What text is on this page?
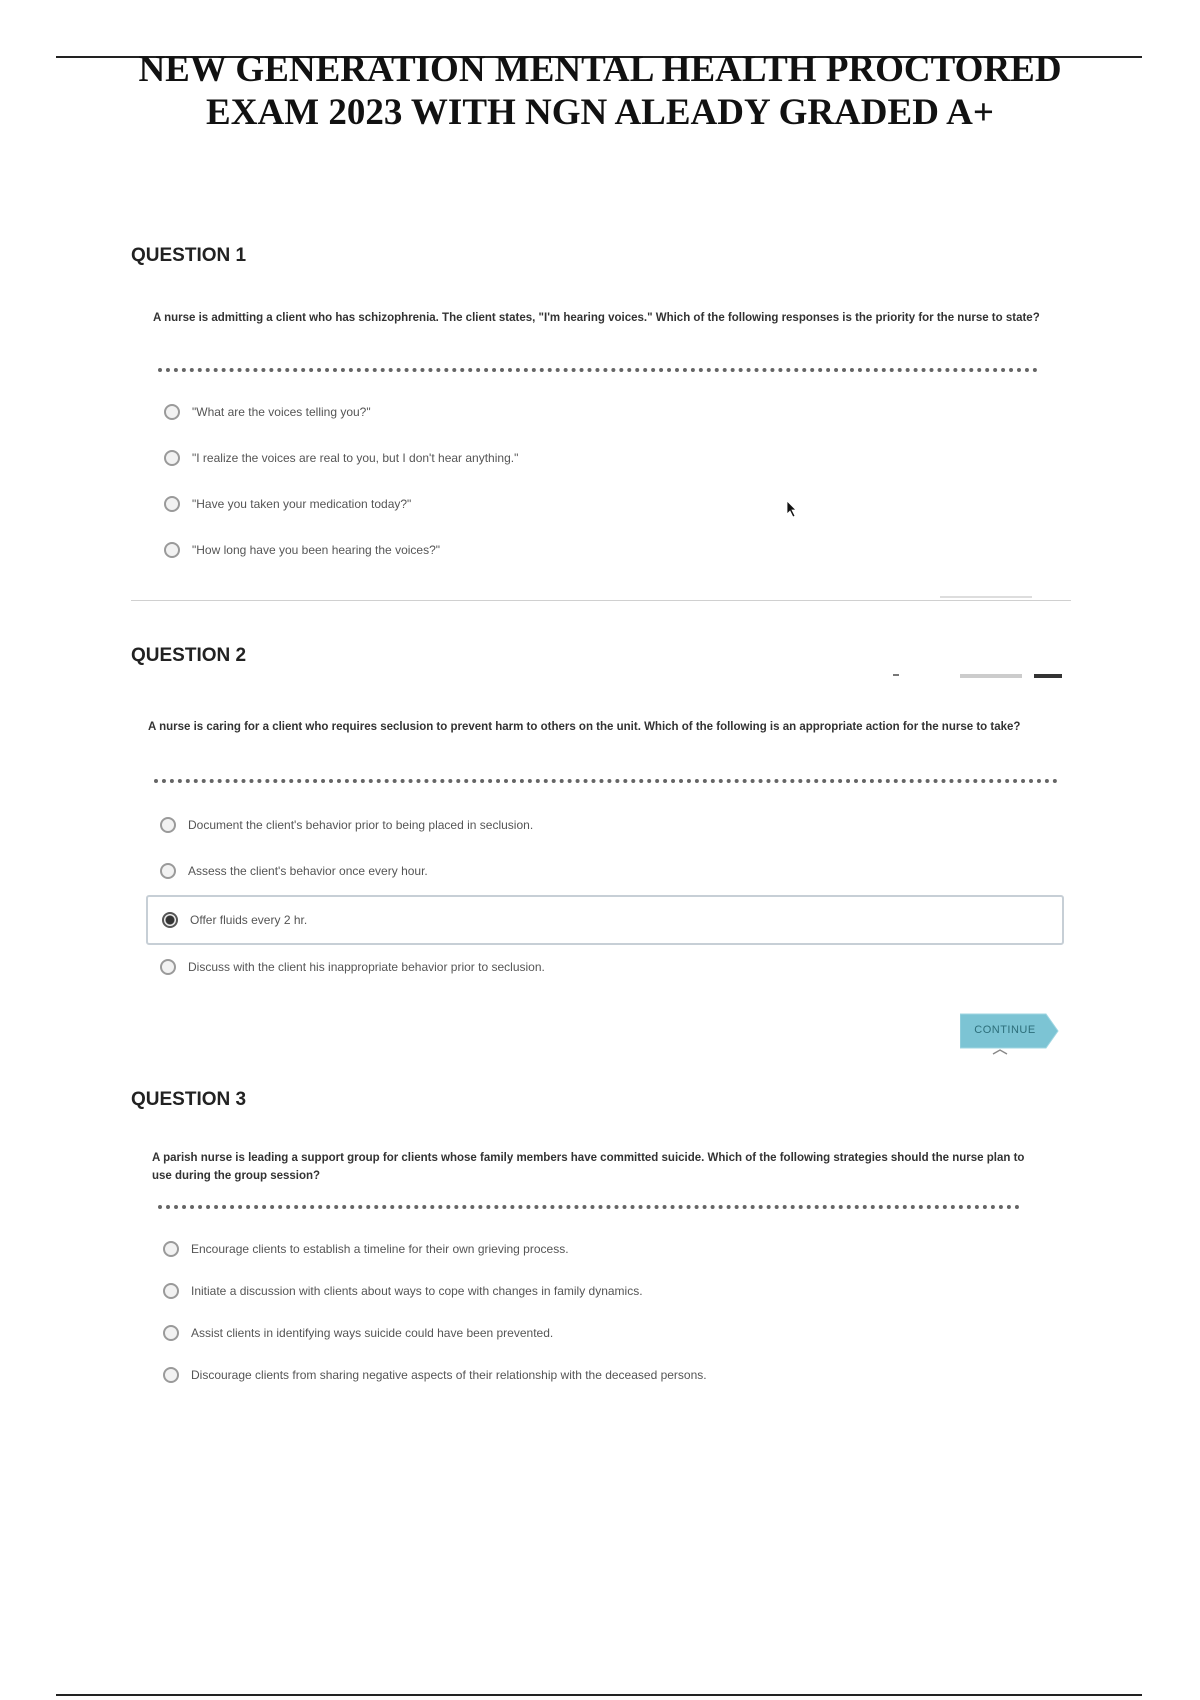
NEW GENERATION MENTAL HEALTH PROCTORED
EXAM 2023 WITH NGN ALEADY GRADED A+
QUESTION 1

A nurse is admitting a client who has schizophrenia. The client states, "I'm hearing voices." Which of the following responses is the priority for the nurse to state?

"What are the voices telling you?"
"I realize the voices are real to you, but I don't hear anything."
"Have you taken your medication today?"
"How long have you been hearing the voices?"
QUESTION 2

A nurse is caring for a client who requires seclusion to prevent harm to others on the unit. Which of the following is an appropriate action for the nurse to take?

Document the client's behavior prior to being placed in seclusion.
Assess the client's behavior once every hour.
Offer fluids every 2 hr.
Discuss with the client his inappropriate behavior prior to seclusion.
CONTINUE
QUESTION 3

A parish nurse is leading a support group for clients whose family members have committed suicide. Which of the following strategies should the nurse plan to use during the group session?

Encourage clients to establish a timeline for their own grieving process.
Initiate a discussion with clients about ways to cope with changes in family dynamics.
Assist clients in identifying ways suicide could have been prevented.
Discourage clients from sharing negative aspects of their relationship with the deceased persons.
